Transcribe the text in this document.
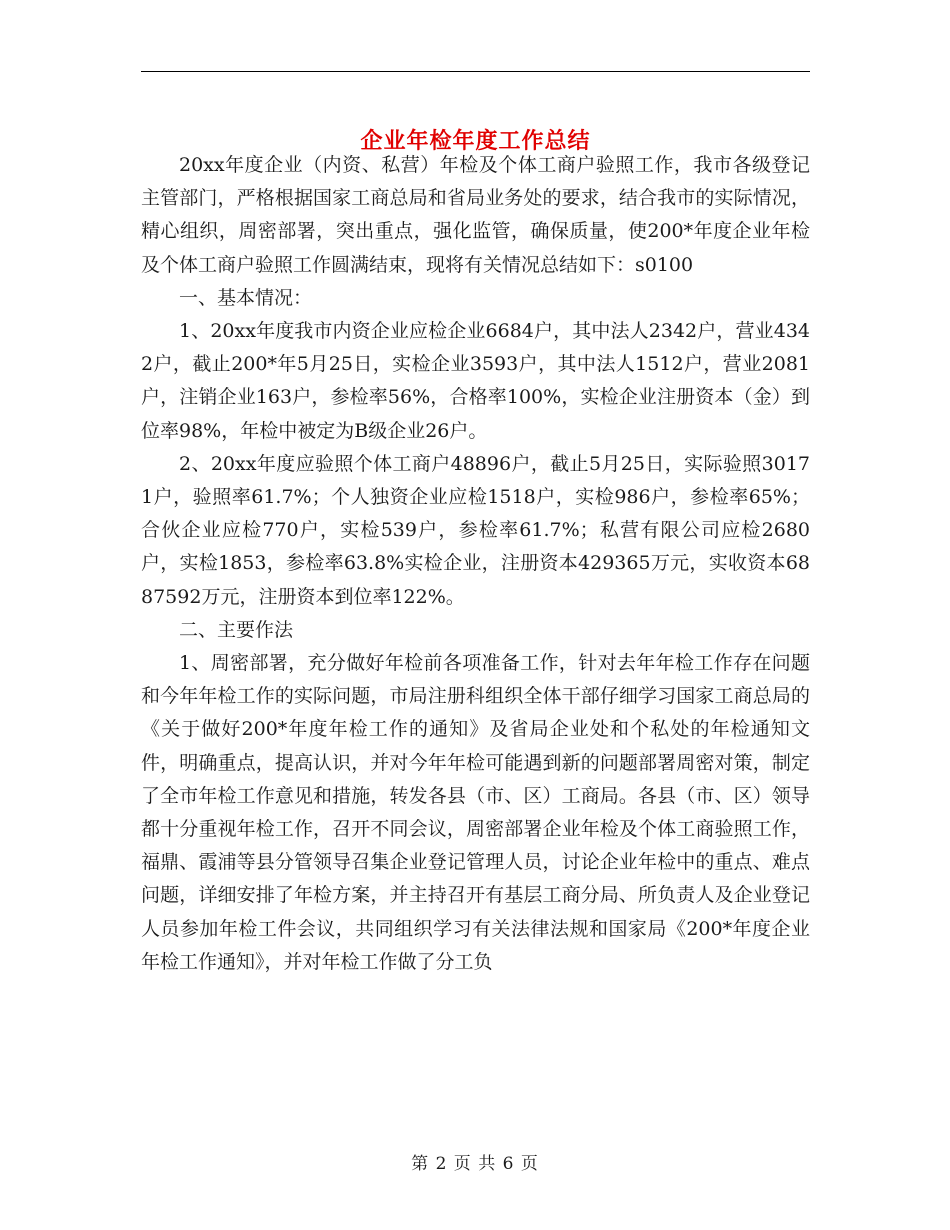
企业年检年度工作总结

20xx年度企业（内资、私营）年检及个体工商户验照工作，我市各级登记主管部门，严格根据国家工商总局和省局业务处的要求，结合我市的实际情况，精心组织，周密部署，突出重点，强化监管，确保质量，使200*年度企业年检及个体工商户验照工作圆满结束，现将有关情况总结如下：s0100

一、基本情况：

1、20xx年度我市内资企业应检企业6684户，其中法人2342户，营业4342户，截止200*年5月25日，实检企业3593户，其中法人1512户，营业2081户，注销企业163户，参检率56%，合格率100%，实检企业注册资本（金）到位率98%，年检中被定为B级企业26户。

2、20xx年度应验照个体工商户48896户，截止5月25日，实际验照30171户，验照率61.7%；个人独资企业应检1518户，实检986户，参检率65%；合伙企业应检770户，实检539户，参检率61.7%；私营有限公司应检2680户，实检1853，参检率63.8%实检企业，注册资本429365万元，实收资本6887592万元，注册资本到位率122%。

二、主要作法

1、周密部署，充分做好年检前各项准备工作，针对去年年检工作存在问题和今年年检工作的实际问题，市局注册科组织全体干部仔细学习国家工商总局的《关于做好200*年度年检工作的通知》及省局企业处和个私处的年检通知文件，明确重点，提高认识，并对今年年检可能遇到新的问题部署周密对策，制定了全市年检工作意见和措施，转发各县（市、区）工商局。各县（市、区）领导都十分重视年检工作，召开不同会议，周密部署企业年检及个体工商验照工作，福鼎、霞浦等县分管领导召集企业登记管理人员，讨论企业年检中的重点、难点问题，详细安排了年检方案，并主持召开有基层工商分局、所负责人及企业登记人员参加年检工件会议，共同组织学习有关法律法规和国家局《200*年度企业年检工作通知》，并对年检工作做了分工负

第 2 页 共 6 页
